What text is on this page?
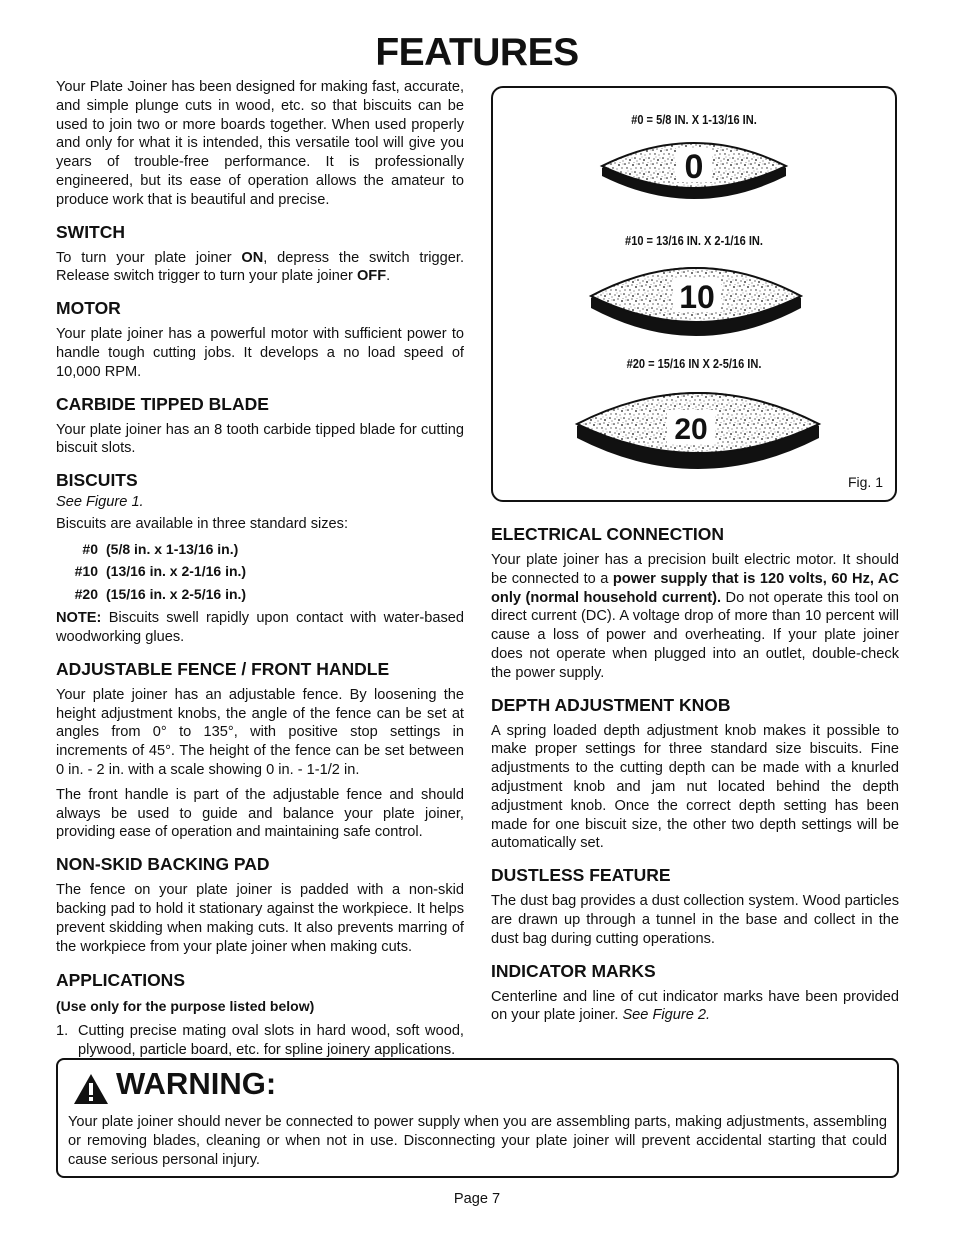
FEATURES

Your Plate Joiner has been designed for making fast, accurate, and simple plunge cuts in wood, etc. so that biscuits can be used to join two or more boards together. When used properly and only for what it is intended, this versatile tool will give you years of trouble-free performance. It is professionally engineered, but its ease of operation allows the amateur to produce work that is beautiful and precise.

SWITCH

To turn your plate joiner ON, depress the switch trigger. Release switch trigger to turn your plate joiner OFF.

MOTOR

Your plate joiner has a powerful motor with sufficient power to handle tough cutting jobs. It develops a no load speed of 10,000 RPM.

CARBIDE TIPPED BLADE

Your plate joiner has an 8 tooth carbide tipped blade for cutting biscuit slots.

BISCUITS

See Figure 1.

Biscuits are available in three standard sizes:

#0 (5/8 in. x 1-13/16 in.)
#10 (13/16 in. x 2-1/16 in.)
#20 (15/16 in. x 2-5/16 in.)

NOTE: Biscuits swell rapidly upon contact with water-based woodworking glues.

ADJUSTABLE FENCE / FRONT HANDLE

Your plate joiner has an adjustable fence. By loosening the height adjustment knobs, the angle of the fence can be set at angles from 0° to 135°, with positive stop settings in increments of 45°. The height of the fence can be set between 0 in. - 2 in. with a scale showing 0 in. - 1-1/2 in.

The front handle is part of the adjustable fence and should always be used to guide and balance your plate joiner, providing ease of operation and maintaining safe control.

NON-SKID BACKING PAD

The fence on your plate joiner is padded with a non-skid backing pad to hold it stationary against the workpiece. It helps prevent skidding when making cuts. It also prevents marring of the workpiece from your plate joiner when making cuts.

APPLICATIONS

(Use only for the purpose listed below)

1. Cutting precise mating oval slots in hard wood, soft wood, plywood, particle board, etc. for spline joinery applications.
#0 = 5/8 IN. X 1-13/16 IN.
0
#10 = 13/16 IN. X 2-1/16 IN.
10
#20 = 15/16 IN X 2-5/16 IN.
20
Fig. 1
ELECTRICAL CONNECTION

Your plate joiner has a precision built electric motor. It should be connected to a power supply that is 120 volts, 60 Hz, AC only (normal household current). Do not operate this tool on direct current (DC). A voltage drop of more than 10 percent will cause a loss of power and overheating. If your plate joiner does not operate when plugged into an outlet, double-check the power supply.

DEPTH ADJUSTMENT KNOB

A spring loaded depth adjustment knob makes it possible to make proper settings for three standard size biscuits. Fine adjustments to the cutting depth can be made with a knurled adjustment knob and jam nut located behind the depth adjustment knob. Once the correct depth setting has been made for one biscuit size, the other two depth settings will be automatically set.

DUSTLESS FEATURE

The dust bag provides a dust collection system. Wood particles are drawn up through a tunnel in the base and collect in the dust bag during cutting operations.

INDICATOR MARKS

Centerline and line of cut indicator marks have been provided on your plate joiner. See Figure 2.

WARNING:

Your plate joiner should never be connected to power supply when you are assembling parts, making adjustments, assembling or removing blades, cleaning or when not in use. Disconnecting your plate joiner will prevent accidental starting that could cause serious personal injury.

Page 7
